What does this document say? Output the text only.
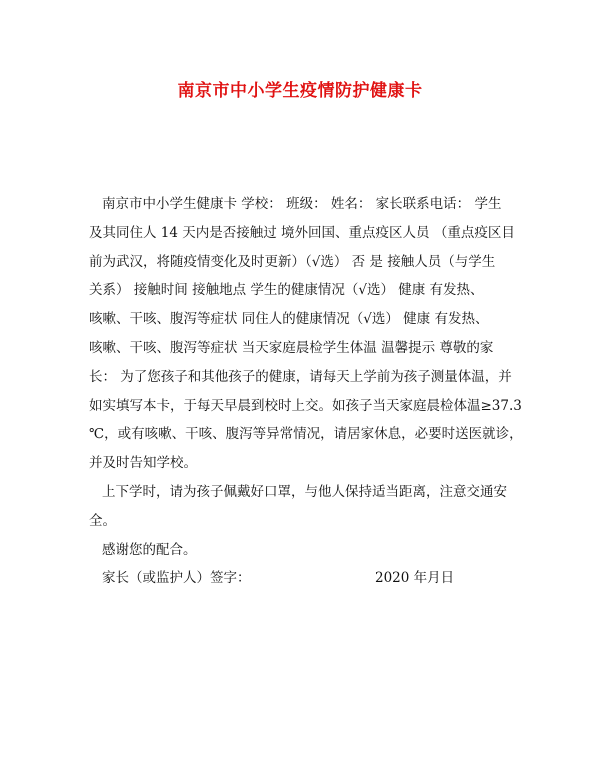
南京市中小学生疫情防护健康卡
南京市中小学生健康卡 学校： 班级： 姓名： 家长联系电话： 学生
及其同住人 14 天内是否接触过 境外回国、重点疫区人员 （重点疫区目
前为武汉，将随疫情变化及时更新）（√选） 否 是 接触人员（与学生
关系） 接触时间 接触地点 学生的健康情况（√选） 健康 有发热、
咳嗽、干咳、腹泻等症状 同住人的健康情况（√选） 健康 有发热、
咳嗽、干咳、腹泻等症状 当天家庭晨检学生体温 温馨提示 尊敬的家
长： 为了您孩子和其他孩子的健康，请每天上学前为孩子测量体温，并
如实填写本卡，于每天早晨到校时上交。如孩子当天家庭晨检体温≥37.3
℃，或有咳嗽、干咳、腹泻等异常情况，请居家休息，必要时送医就诊，
并及时告知学校。
上下学时，请为孩子佩戴好口罩，与他人保持适当距离，注意交通安
全。
感谢您的配合。
家长（或监护人）签字：	2020 年月日
